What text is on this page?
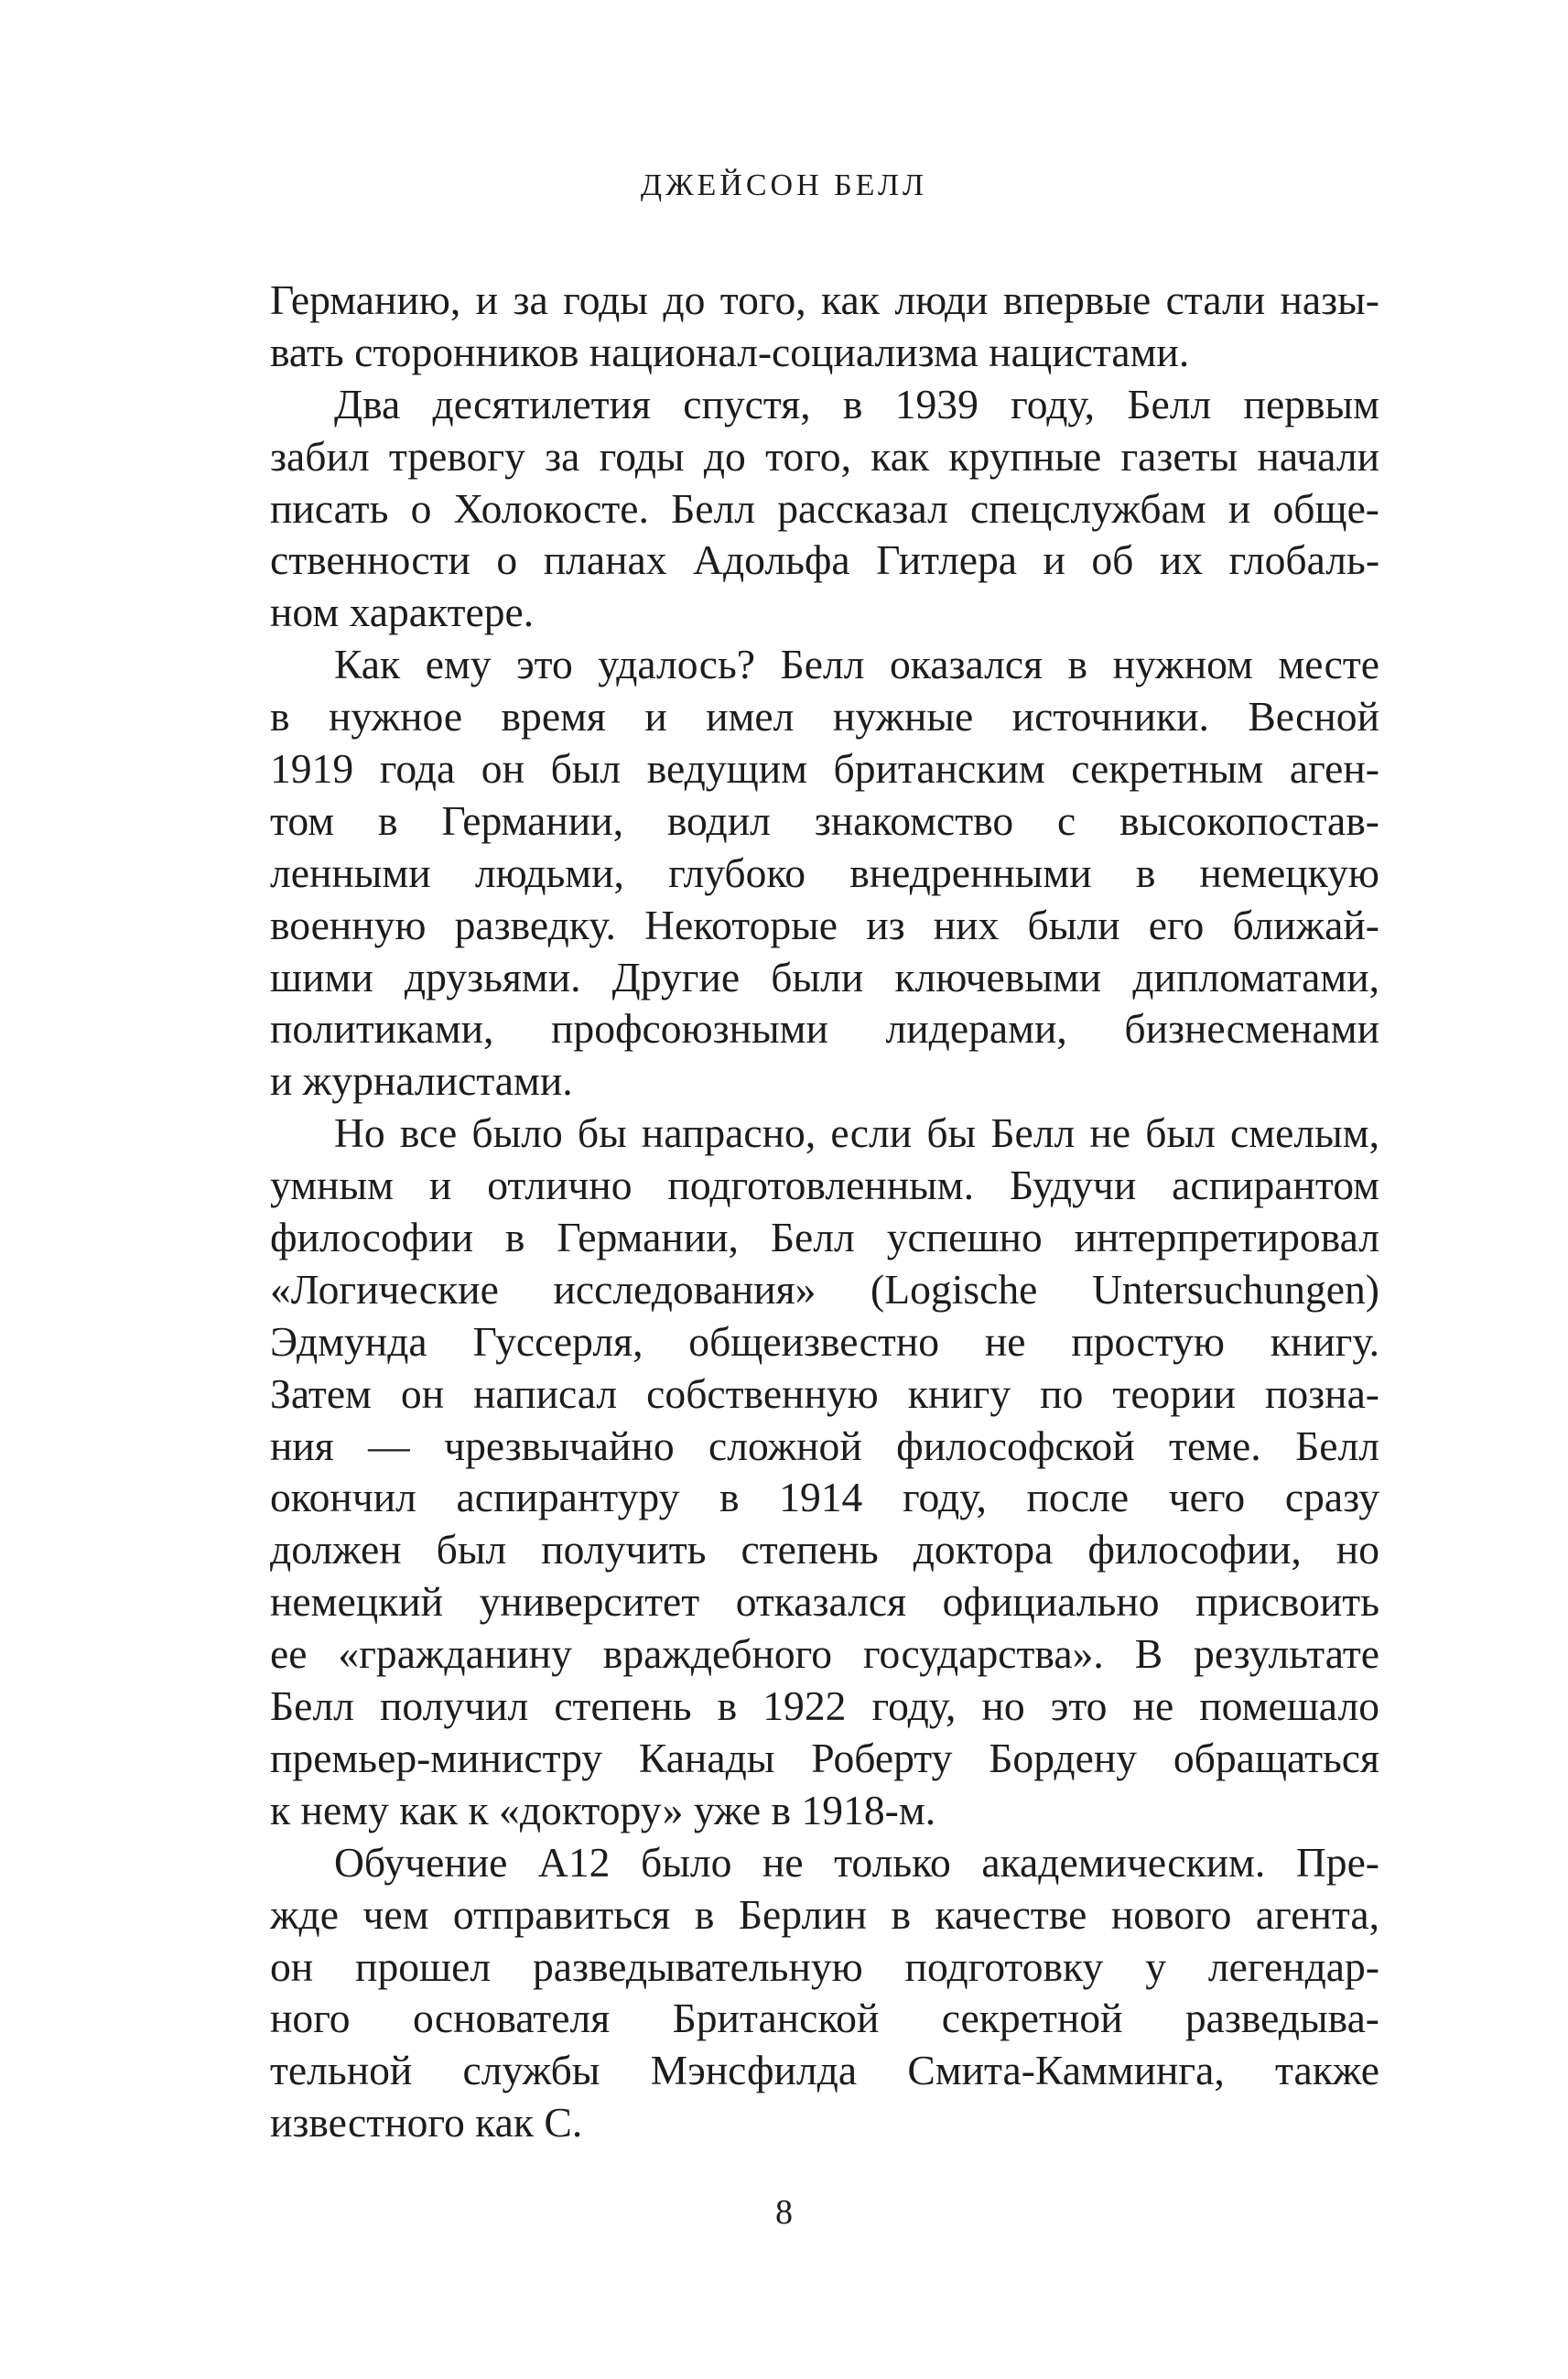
ДЖЕЙСОН БЕЛЛ

Германию, и за годы до того, как люди впервые стали назы-
вать сторонников национал-социализма нацистами.

Два десятилетия спустя, в 1939 году, Белл первым
забил тревогу за годы до того, как крупные газеты начали
писать о Холокосте. Белл рассказал спецслужбам и обще-
ственности о планах Адольфа Гитлера и об их глобаль-
ном характере.

Как ему это удалось? Белл оказался в нужном месте
в нужное время и имел нужные источники. Весной
1919 года он был ведущим британским секретным аген-
том в Германии, водил знакомство с высокопостав-
ленными людьми, глубоко внедренными в немецкую
военную разведку. Некоторые из них были его ближай-
шими друзьями. Другие были ключевыми дипломатами,
политиками, профсоюзными лидерами, бизнесменами
и журналистами.

Но все было бы напрасно, если бы Белл не был смелым,
умным и отлично подготовленным. Будучи аспирантом
философии в Германии, Белл успешно интерпретировал
«Логические исследования» (Logische Untersuchungen)
Эдмунда Гуссерля, общеизвестно не простую книгу.
Затем он написал собственную книгу по теории позна-
ния — чрезвычайно сложной философской теме. Белл
окончил аспирантуру в 1914 году, после чего сразу
должен был получить степень доктора философии, но
немецкий университет отказался официально присвоить
ее «гражданину враждебного государства». В результате
Белл получил степень в 1922 году, но это не помешало
премьер-министру Канады Роберту Бордену обращаться
к нему как к «доктору» уже в 1918-м.

Обучение А12 было не только академическим. Пре-
жде чем отправиться в Берлин в качестве нового агента,
он прошел разведывательную подготовку у легендар-
ного основателя Британской секретной разведыва-
тельной службы Мэнсфилда Смита-Камминга, также
известного как С.

8
